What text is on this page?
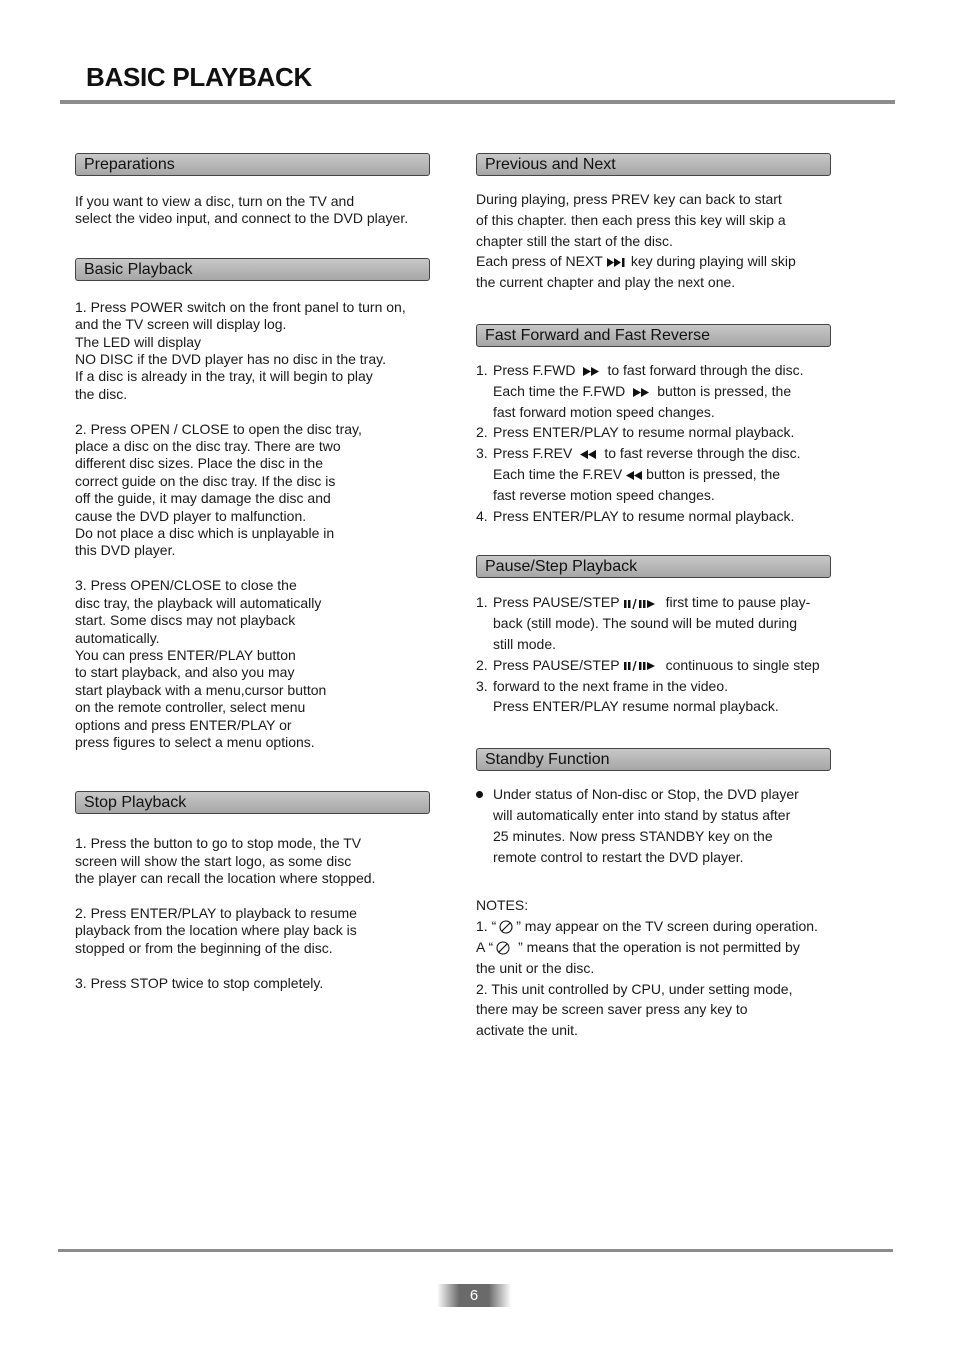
BASIC PLAYBACK
Preparations

If you want to view a disc, turn on the TV and
select the video input, and connect to the DVD player.

Basic Playback

1. Press POWER switch on the front panel to turn on,
and the TV screen will display log.
The LED will display
NO DISC if the DVD player has no disc in the tray.
If a disc is already in the tray, it will begin to play
the disc.

2. Press OPEN / CLOSE to open the disc tray,
place a disc on the disc tray. There are two
different disc sizes. Place the disc in the
correct guide on the disc tray. If the disc is
off the guide, it may damage the disc and
cause the DVD player to malfunction.
Do not place a disc which is unplayable in
this DVD player.

3. Press OPEN/CLOSE to close the
disc tray, the playback will automatically
start. Some discs may not playback
automatically.
You can press ENTER/PLAY button
to start playback, and also you may
start playback with a menu,cursor button
on the remote controller, select menu
options and press ENTER/PLAY or
press figures to select a menu options.

Stop Playback

1. Press the button to go to stop mode, the TV
screen will show the start logo, as some disc
the player can recall the location where stopped.

2. Press ENTER/PLAY to playback to resume
playback from the location where play back is
stopped or from the beginning of the disc.

3. Press STOP twice to stop completely.

Previous and Next

During playing, press PREV key can back to start

of this chapter. then each press this key will skip a

chapter still the start of the disc.

Each press of NEXT key during playing will skip

the current chapter and play the next one.

Fast Forward and Fast Reverse
1. Press F.FWD to fast forward through the disc.
Each time the F.FWD button is pressed, the
fast forward motion speed changes.
2. Press ENTER/PLAY to resume normal playback.
3. Press F.REV to fast reverse through the disc.
Each time the F.REV button is pressed, the
fast reverse motion speed changes.
4. Press ENTER/PLAY to resume normal playback.
Pause/Step Playback
1. Press PAUSE/STEP	first time to pause play-
back (still mode). The sound will be muted during
still mode.
2. Press PAUSE/STEP	continuous to single step
3. forward to the next frame in the video.
Press ENTER/PLAY resume normal playback.
Standby Function
Under status of Non-disc or Stop, the DVD player
will automatically enter into stand by status after
25 minutes. Now press STANDBY key on the
remote control to restart the DVD player.

NOTES:

1. “ ” may appear on the TV screen during operation.

A “ ” means that the operation is not permitted by

the unit or the disc.

2. This unit controlled by CPU, under setting mode,

there may be screen saver press any key to

activate the unit.

6
